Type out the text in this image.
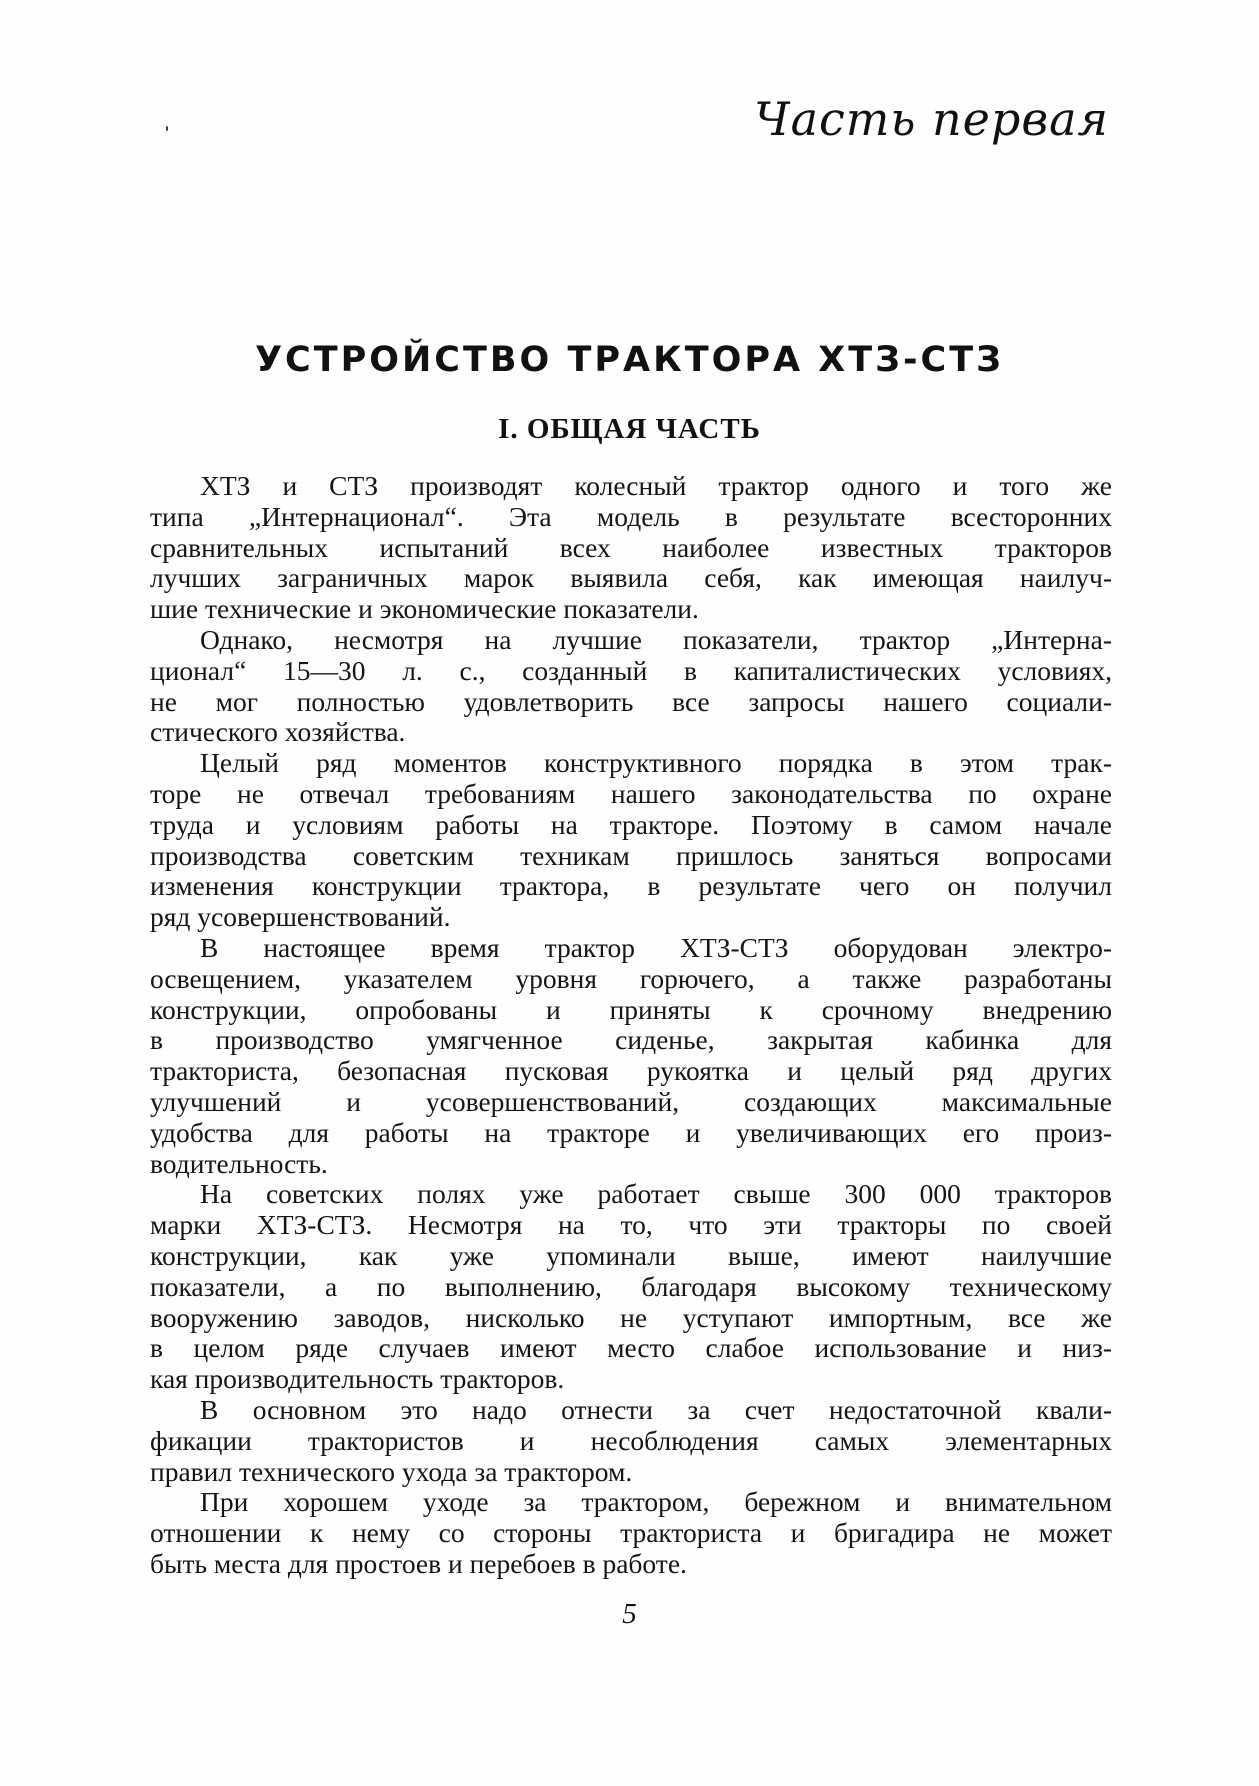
Часть первая
УСТРОЙСТВО ТРАКТОРА ХТЗ-СТЗ
I. ОБЩАЯ ЧАСТЬ
ХТЗ и СТЗ производят колесный трактор одного и того же
типа „Интернационал“. Эта модель в результате всесторонних
сравнительных испытаний всех наиболее известных тракторов
лучших заграничных марок выявила себя, как имеющая наилуч-
шие технические и экономические показатели.
Однако, несмотря на лучшие показатели, трактор „Интерна-
ционал“ 15—30 л. с., созданный в капиталистических условиях,
не мог полностью удовлетворить все запросы нашего социали-
стического хозяйства.
Целый ряд моментов конструктивного порядка в этом трак-
торе не отвечал требованиям нашего законодательства по охране
труда и условиям работы на тракторе. Поэтому в самом начале
производства советским техникам пришлось заняться вопросами
изменения конструкции трактора, в результате чего он получил
ряд усовершенствований.
В настоящее время трактор ХТЗ-СТЗ оборудован электро-
освещением, указателем уровня горючего, а также разработаны
конструкции, опробованы и приняты к срочному внедрению
в производство умягченное сиденье, закрытая кабинка для
тракториста, безопасная пусковая рукоятка и целый ряд других
улучшений и усовершенствований, создающих максимальные
удобства для работы на тракторе и увеличивающих его произ-
водительность.
На советских полях уже работает свыше 300 000 тракторов
марки ХТЗ-СТЗ. Несмотря на то, что эти тракторы по своей
конструкции, как уже упоминали выше, имеют наилучшие
показатели, а по выполнению, благодаря высокому техническому
вооружению заводов, нисколько не уступают импортным, все же
в целом ряде случаев имеют место слабое использование и низ-
кая производительность тракторов.
В основном это надо отнести за счет недостаточной квали-
фикации трактористов и несоблюдения самых элементарных
правил технического ухода за трактором.
При хорошем уходе за трактором, бережном и внимательном
отношении к нему со стороны тракториста и бригадира не может
быть места для простоев и перебоев в работе.
5
